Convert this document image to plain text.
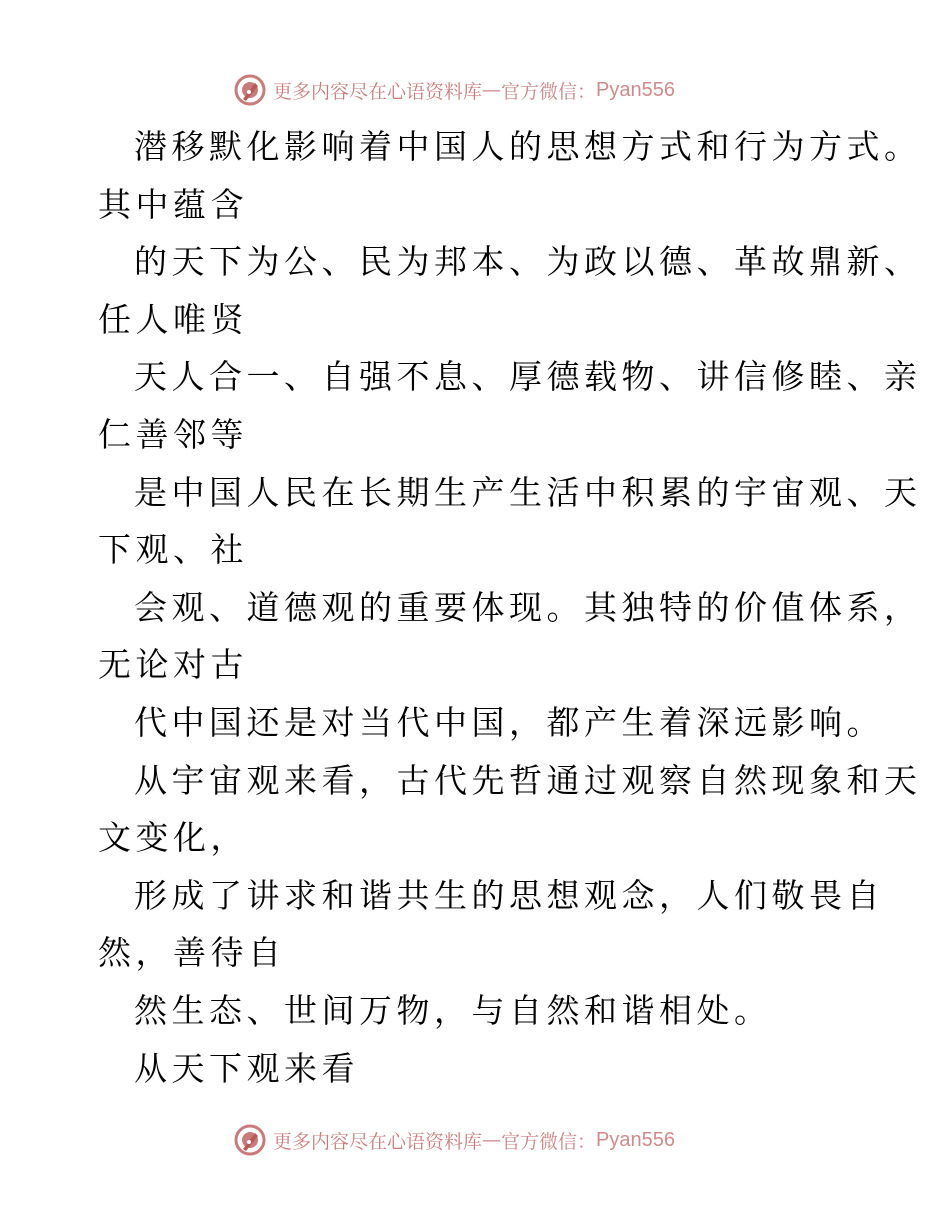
更多内容尽在心语资料库 — 官方微信： Pyan556
潜移默化影响着中国人的思想方式和行为方式。
其中蕴含
的天下为公、民为邦本、为政以德、革故鼎新、
任人唯贤
天人合一、自强不息、厚德载物、讲信修睦、亲
仁善邻等
是中国人民在长期生产生活中积累的宇宙观、天
下观、社
会观、道德观的重要体现。其独特的价值体系，
无论对古
代中国还是对当代中国，都产生着深远影响。
从宇宙观来看，古代先哲通过观察自然现象和天
文变化，
形成了讲求和谐共生的思想观念，人们敬畏自
然，善待自
然生态、世间万物，与自然和谐相处。
从天下观来看
更多内容尽在心语资料库 — 官方微信： Pyan556
